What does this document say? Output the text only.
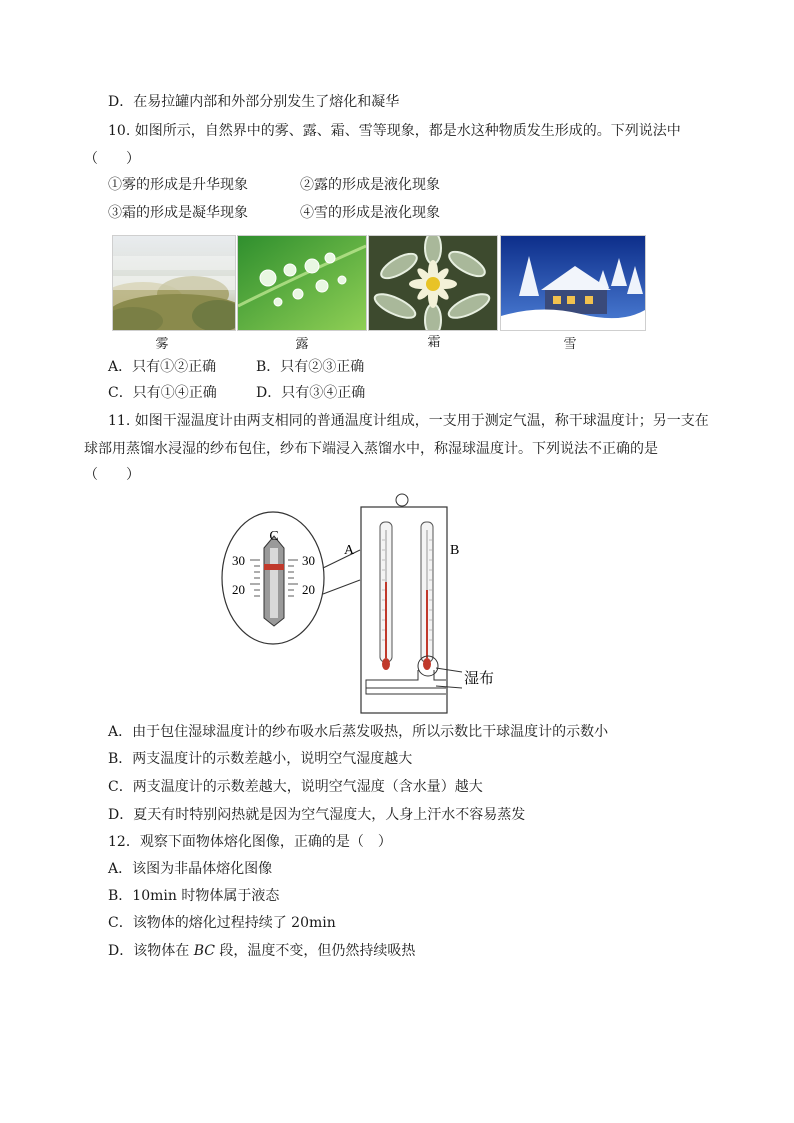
D．在易拉罐内部和外部分别发生了熔化和凝华
10. 如图所示，自然界中的雾、露、霜、雪等现象，都是水这种物质发生形成的。下列说法中
（　　）
①雾的形成是升华现象	②露的形成是液化现象
③霜的形成是凝华现象	④雪的形成是液化现象
雾	露	霜	雪
A．只有①②正确	B．只有②③正确
C．只有①④正确	D．只有③④正确
11. 如图干湿温度计由两支相同的普通温度计组成，一支用于测定气温，称干球温度计；另一支在
球部用蒸馏水浸湿的纱布包住，纱布下端浸入蒸馏水中，称湿球温度计。下列说法不正确的是
（　　）
C
30
20
30
20
A	B
湿布
A．由于包住湿球温度计的纱布吸水后蒸发吸热，所以示数比干球温度计的示数小
B．两支温度计的示数差越小，说明空气湿度越大
C．两支温度计的示数差越大，说明空气湿度（含水量）越大
D．夏天有时特别闷热就是因为空气湿度大，人身上汗水不容易蒸发
12．观察下面物体熔化图像，正确的是（　）
A．该图为非晶体熔化图像
B．10min 时物体属于液态
C．该物体的熔化过程持续了 20min
D．该物体在 BC 段，温度不变，但仍然持续吸热
